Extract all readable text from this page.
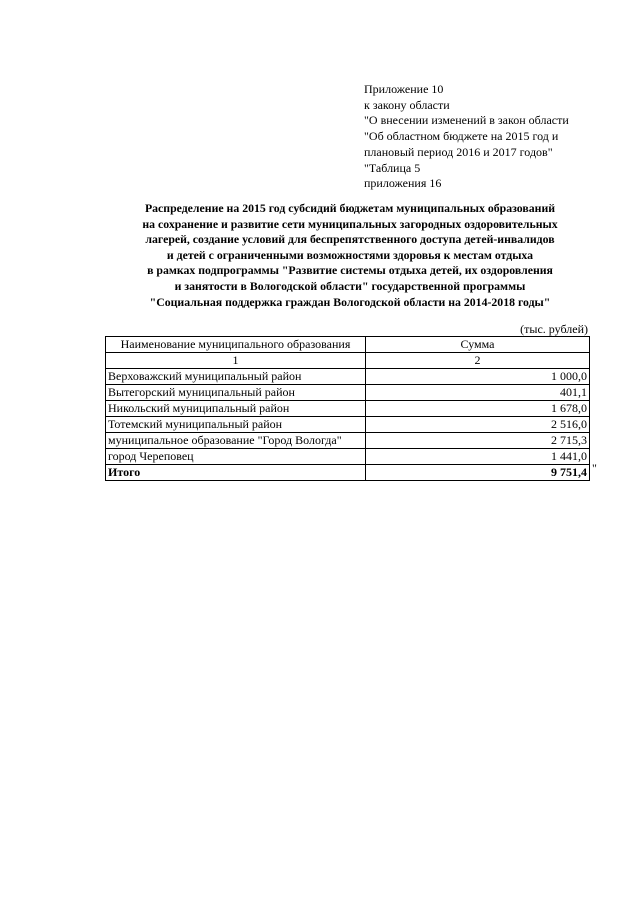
Приложение 10
к закону области
"О внесении изменений в закон области
"Об областном бюджете на 2015 год и
плановый период 2016 и 2017 годов"
"Таблица 5
приложения 16
Распределение на 2015 год субсидий бюджетам муниципальных образований
на сохранение и развитие сети муниципальных загородных оздоровительных
лагерей, создание условий для беспрепятственного доступа детей-инвалидов
и детей с ограниченными возможностями здоровья к местам отдыха
в рамках подпрограммы "Развитие системы отдыха детей, их оздоровления
и занятости в Вологодской области" государственной программы
"Социальная поддержка граждан Вологодской области на 2014-2018 годы"
(тыс. рублей)
Наименование муниципального образования	Сумма
1	2
Верховажский муниципальный район	1 000,0
Вытегорский муниципальный район	401,1
Никольский муниципальный район	1 678,0
Тотемский муниципальный район	2 516,0
муниципальное образование "Город Вологда"	2 715,3
город Череповец	1 441,0
Итого	9 751,4 "
